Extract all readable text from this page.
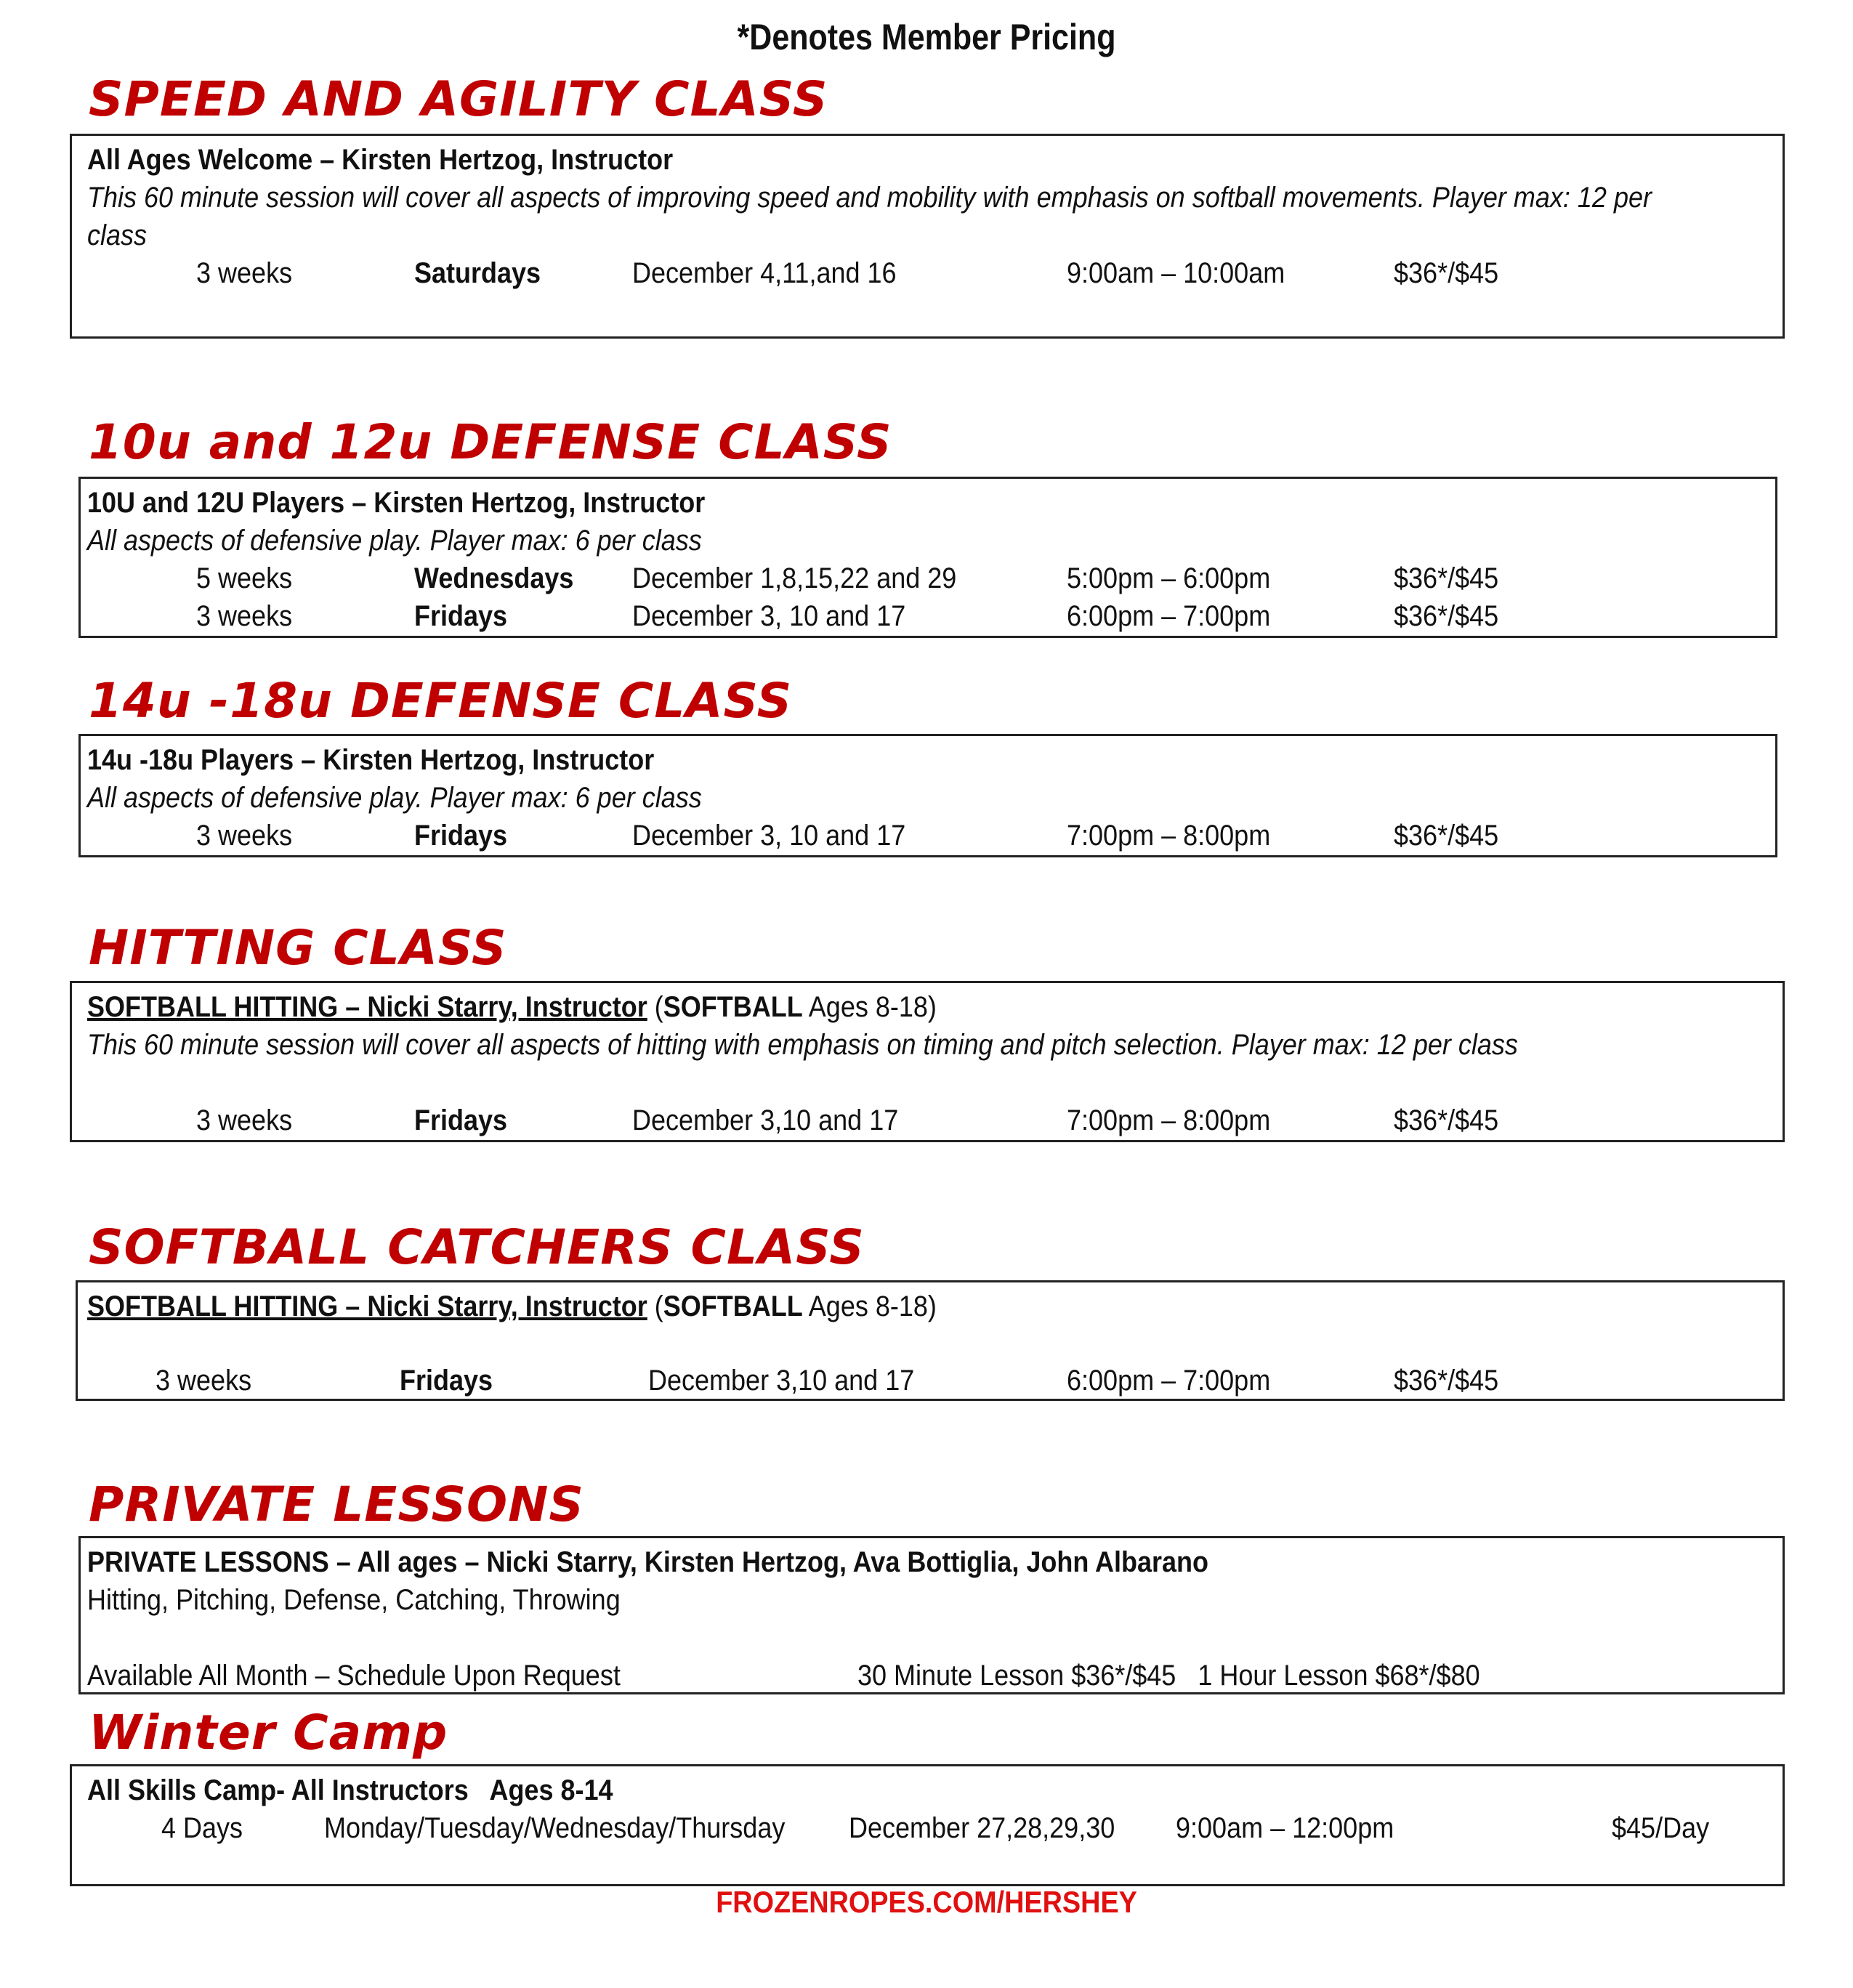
*Denotes Member Pricing
SPEED AND AGILITY CLASS
All Ages Welcome – Kirsten Hertzog, Instructor
This 60 minute session will cover all aspects of improving speed and mobility with emphasis on softball movements. Player max: 12 per
class
3 weeks	Saturdays	December 4,11,and 16	9:00am – 10:00am	$36*/$45
10u and 12u DEFENSE CLASS
10U and 12U Players – Kirsten Hertzog, Instructor
All aspects of defensive play. Player max: 6 per class
5 weeks	Wednesdays	December 1,8,15,22 and 29	5:00pm – 6:00pm	$36*/$45
3 weeks	Fridays	December 3, 10 and 17	6:00pm – 7:00pm	$36*/$45
14u -18u DEFENSE CLASS
14u -18u Players – Kirsten Hertzog, Instructor
All aspects of defensive play. Player max: 6 per class
3 weeks	Fridays	December 3, 10 and 17	7:00pm – 8:00pm	$36*/$45
HITTING CLASS
SOFTBALL HITTING – Nicki Starry, Instructor (SOFTBALL Ages 8-18)
This 60 minute session will cover all aspects of hitting with emphasis on timing and pitch selection. Player max: 12 per class
3 weeks	Fridays	December 3,10 and 17	7:00pm – 8:00pm	$36*/$45
SOFTBALL CATCHERS CLASS
SOFTBALL HITTING – Nicki Starry, Instructor (SOFTBALL Ages 8-18)
3 weeks	Fridays	December 3,10 and 17	6:00pm – 7:00pm	$36*/$45
PRIVATE LESSONS
PRIVATE LESSONS – All ages – Nicki Starry, Kirsten Hertzog, Ava Bottiglia, John Albarano
Hitting, Pitching, Defense, Catching, Throwing
Available All Month – Schedule Upon Request	30 Minute Lesson $36*/$45   1 Hour Lesson $68*/$80
Winter Camp
All Skills Camp- All Instructors   Ages 8-14
4 Days	Monday/Tuesday/Wednesday/Thursday	December 27,28,29,30	9:00am – 12:00pm	$45/Day
FROZENROPES.COM/HERSHEY
